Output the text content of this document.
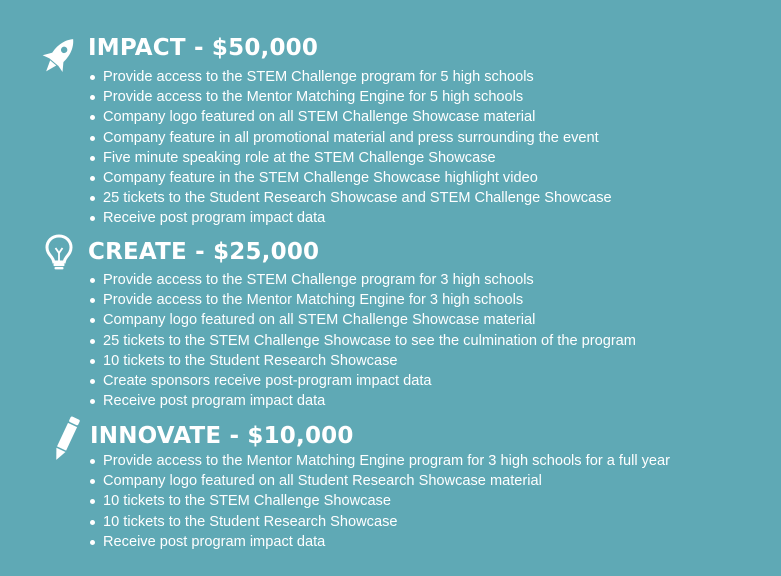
IMPACT - $50,000
Provide access to the STEM Challenge program for 5 high schools
Provide access to the Mentor Matching Engine for 5 high schools
Company logo featured on all STEM Challenge Showcase material
Company feature in all promotional material and press surrounding the event
Five minute speaking role at the STEM Challenge Showcase
Company feature in the STEM Challenge Showcase highlight video
25 tickets to the Student Research Showcase and STEM Challenge Showcase
Receive post program impact data
CREATE - $25,000
Provide access to the STEM Challenge program for 3 high schools
Provide access to the Mentor Matching Engine for 3 high schools
Company logo featured on all STEM Challenge Showcase material
25 tickets to the STEM Challenge Showcase to see the culmination of the program
10 tickets to the Student Research Showcase
Create sponsors receive post-program impact data
Receive post program impact data
INNOVATE - $10,000
Provide access to the Mentor Matching Engine program for 3 high schools for a full year
Company logo featured on all Student Research Showcase material
10 tickets to the STEM Challenge Showcase
10 tickets to the Student Research Showcase
Receive post program impact data
